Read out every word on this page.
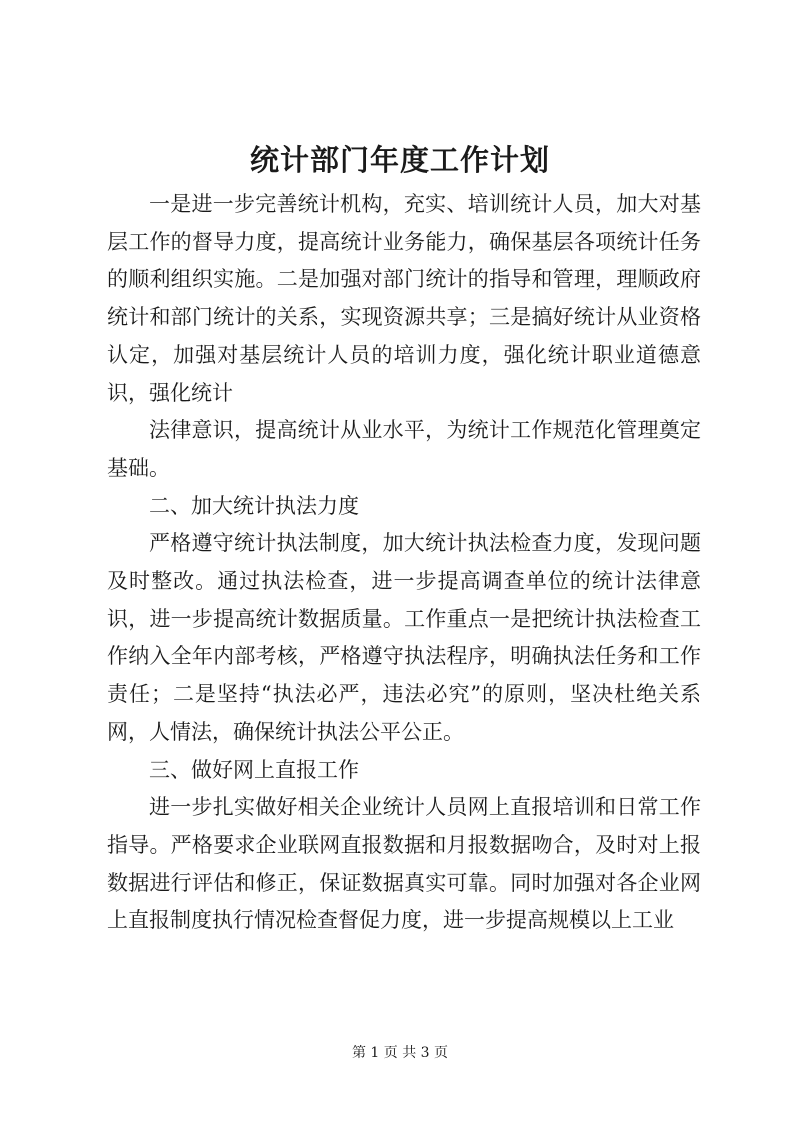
统计部门年度工作计划

一是进一步完善统计机构，充实、培训统计人员，加大对基层工作的督导力度，提高统计业务能力，确保基层各项统计任务的顺利组织实施。二是加强对部门统计的指导和管理，理顺政府统计和部门统计的关系，实现资源共享；三是搞好统计从业资格认定，加强对基层统计人员的培训力度，强化统计职业道德意识，强化统计

法律意识，提高统计从业水平，为统计工作规范化管理奠定基础。

二、加大统计执法力度

严格遵守统计执法制度，加大统计执法检查力度，发现问题及时整改。通过执法检查，进一步提高调查单位的统计法律意识，进一步提高统计数据质量。工作重点一是把统计执法检查工作纳入全年内部考核，严格遵守执法程序，明确执法任务和工作责任；二是坚持“执法必严，违法必究”的原则，坚决杜绝关系网，人情法，确保统计执法公平公正。

三、做好网上直报工作

进一步扎实做好相关企业统计人员网上直报培训和日常工作指导。严格要求企业联网直报数据和月报数据吻合，及时对上报数据进行评估和修正，保证数据真实可靠。同时加强对各企业网上直报制度执行情况检查督促力度，进一步提高规模以上工业

第 1 页 共 3 页
